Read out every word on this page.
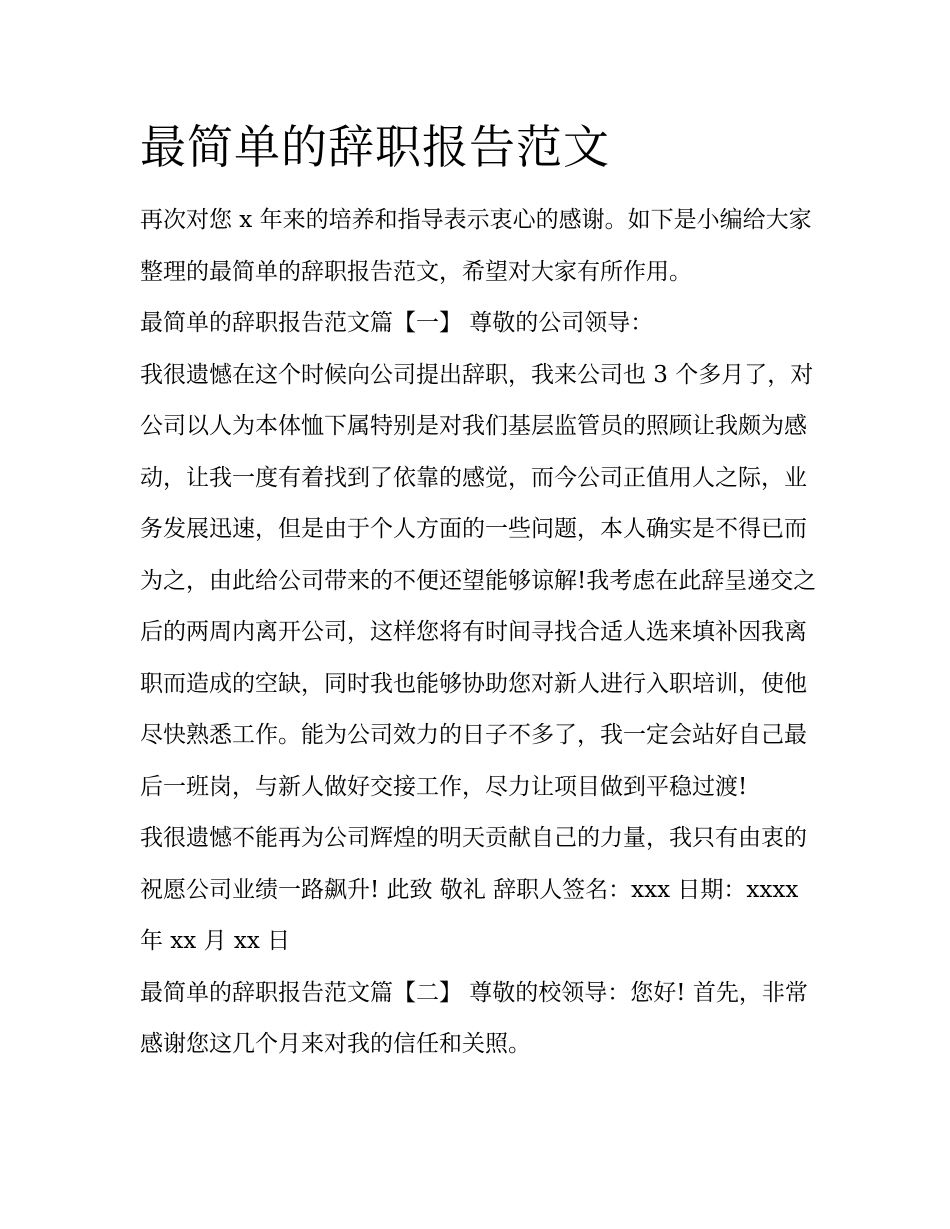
最简单的辞职报告范文

再次对您 x 年来的培养和指导表示衷心的感谢。如下是小编给大家整理的最简单的辞职报告范文，希望对大家有所作用。

最简单的辞职报告范文篇【一】 尊敬的公司领导：

我很遗憾在这个时候向公司提出辞职，我来公司也 3 个多月了，对公司以人为本体恤下属特别是对我们基层监管员的照顾让我颇为感动，让我一度有着找到了依靠的感觉，而今公司正值用人之际，业务发展迅速，但是由于个人方面的一些问题，本人确实是不得已而为之，由此给公司带来的不便还望能够谅解!我考虑在此辞呈递交之后的两周内离开公司，这样您将有时间寻找合适人选来填补因我离职而造成的空缺，同时我也能够协助您对新人进行入职培训，使他尽快熟悉工作。能为公司效力的日子不多了，我一定会站好自己最后一班岗，与新人做好交接工作，尽力让项目做到平稳过渡!

我很遗憾不能再为公司辉煌的明天贡献自己的力量，我只有由衷的祝愿公司业绩一路飙升! 此致 敬礼 辞职人签名：xxx 日期：xxxx 年 xx 月 xx 日

最简单的辞职报告范文篇【二】 尊敬的校领导：您好! 首先，非常感谢您这几个月来对我的信任和关照。
